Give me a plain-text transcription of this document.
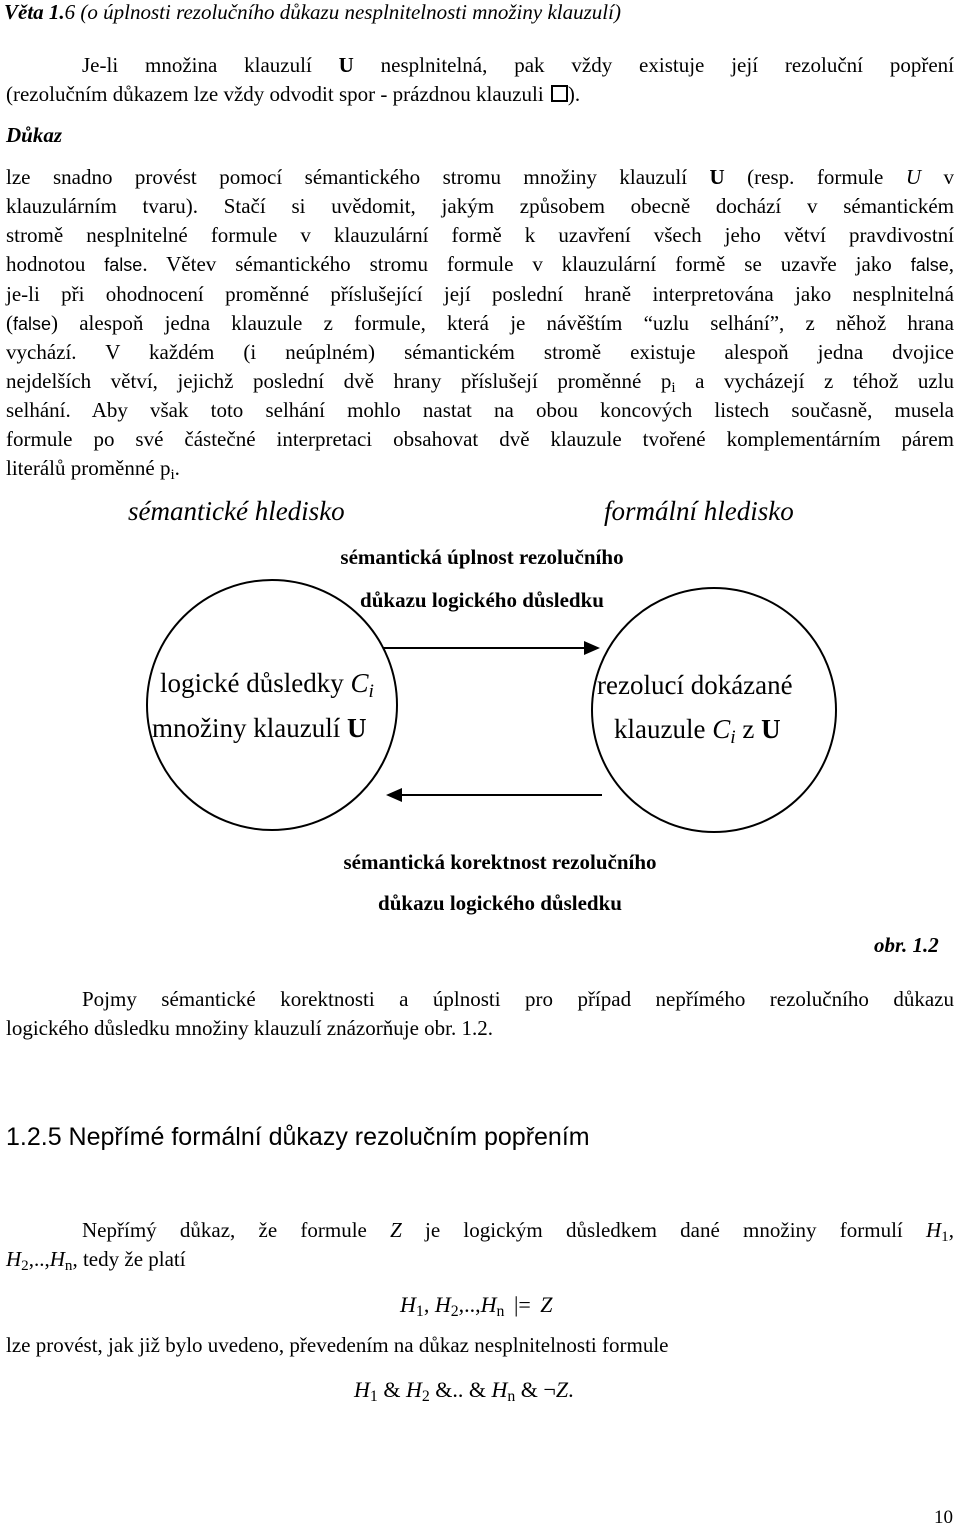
Věta 1.6 (o úplnosti rezolučního důkazu nesplnitelnosti množiny klauzulí)
Je-li množina klauzulí U nesplnitelná, pak vždy existuje její rezoluční popření
(rezolučním důkazem lze vždy odvodit spor - prázdnou klauzuli ).
Důkaz
lze snadno provést pomocí sémantického stromu množiny klauzulí U (resp. formule U v
klauzulárním tvaru). Stačí si uvědomit, jakým způsobem obecně dochází v sémantickém
stromě nesplnitelné formule v klauzulární formě k uzavření všech jeho větví pravdivostní
hodnotou false. Větev sémantického stromu formule v klauzulární formě se uzavře jako false,
je-li při ohodnocení proměnné příslušející její poslední hraně interpretována jako nesplnitelná
(false) alespoň jedna klauzule z formule, která je návěštím “uzlu selhání”, z něhož hrana
vychází. V každém (i neúplném) sémantickém stromě existuje alespoň jedna dvojice
nejdelších větví, jejichž poslední dvě hrany příslušejí proměnné $p_i$ a vycházejí z téhož uzlu
selhání. Aby však toto selhání mohlo nastat na obou koncových listech současně, musela
formule po své částečné interpretaci obsahovat dvě klauzule tvořené komplementárním párem
literálů proměnné $p_i$.
sémantické hledisko	formální hledisko
sémantická úplnost rezolučního
důkazu logického důsledku
logické důsledky $C_i$
množiny klauzulí U
rezolucí dokázané
klauzule $C_i$ z U
sémantická korektnost rezolučního
důkazu logického důsledku
obr. 1.2
Pojmy sémantické korektnosti a úplnosti pro případ nepřímého rezolučního důkazu
logického důsledku množiny klauzulí znázorňuje obr. 1.2.
1.2.5 Nepřímé formální důkazy rezolučním popřením
Nepřímý důkaz, že formule Z je logickým důsledkem dané množiny formulí $H_1$,
$H_2,..,H_n$, tedy že platí
$H_1$, $H_2,..,H_n$ |= Z
lze provést, jak již bylo uvedeno, převedením na důkaz nesplnitelnosti formule
$H_1$ & $H_2$ &.. & $H_n$ & ¬Z.
10
